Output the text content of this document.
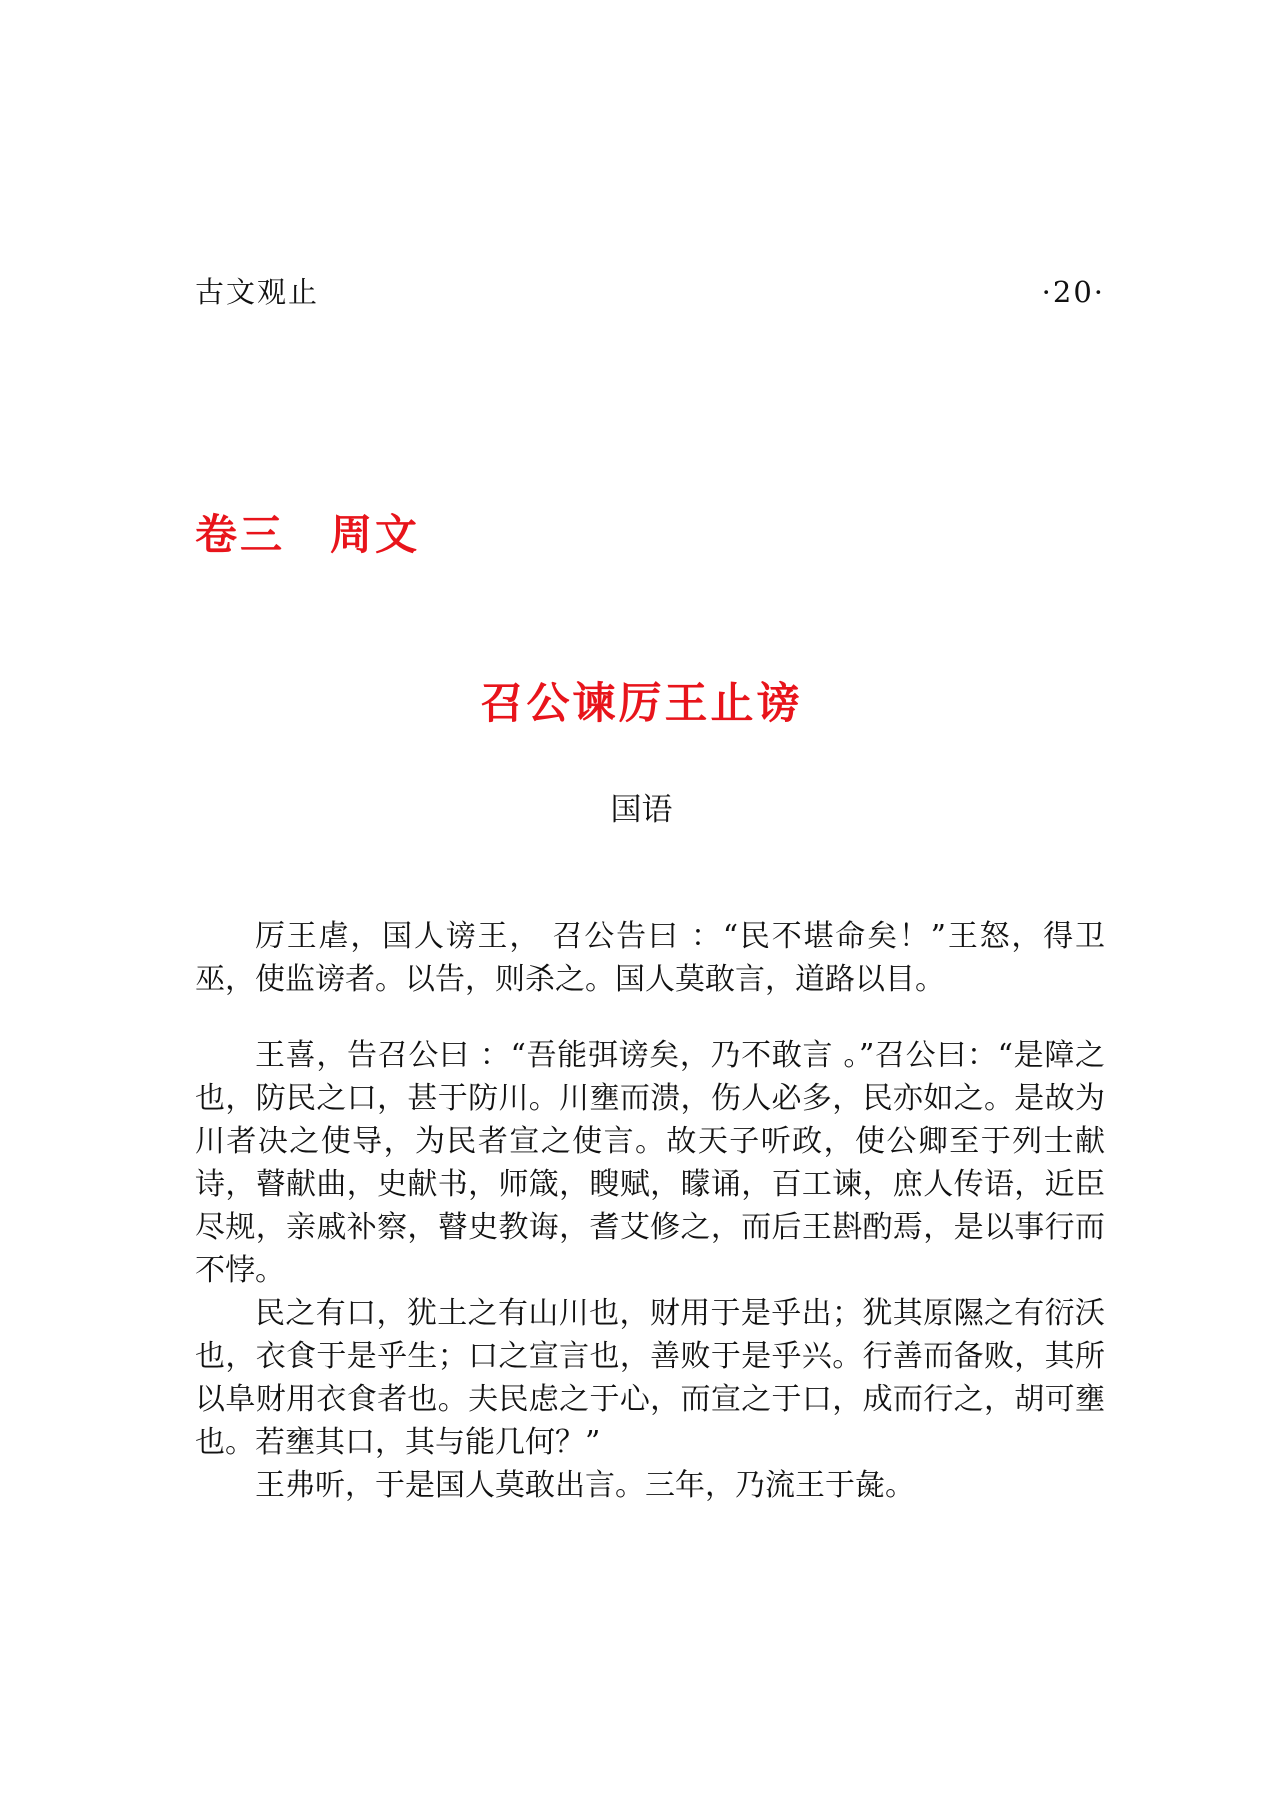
古文观止	·20·
卷三　周文
召公谏厉王止谤
国语

厉王虐，国人谤王， 召公告曰 ：“民不堪命矣！”王怒，得卫巫，使监谤者。以告，则杀之。国人莫敢言，道路以目。

王喜，告召公曰 ：“吾能弭谤矣，乃不敢言 。”召公曰：“是障之也，防民之口，甚于防川。川壅而溃，伤人必多，民亦如之。是故为川者决之使导，为民者宣之使言。故天子听政，使公卿至于列士献诗，瞽献曲，史献书，师箴，瞍赋，矇诵，百工谏，庶人传语，近臣尽规，亲戚补察，瞽史教诲，耆艾修之，而后王斟酌焉，是以事行而不悖。

民之有口，犹土之有山川也，财用于是乎出；犹其原隰之有衍沃也，衣食于是乎生；口之宣言也，善败于是乎兴。行善而备败，其所以阜财用衣食者也。夫民虑之于心，而宣之于口，成而行之，胡可壅也。若壅其口，其与能几何？”

王弗听，于是国人莫敢出言。三年，乃流王于彘。
